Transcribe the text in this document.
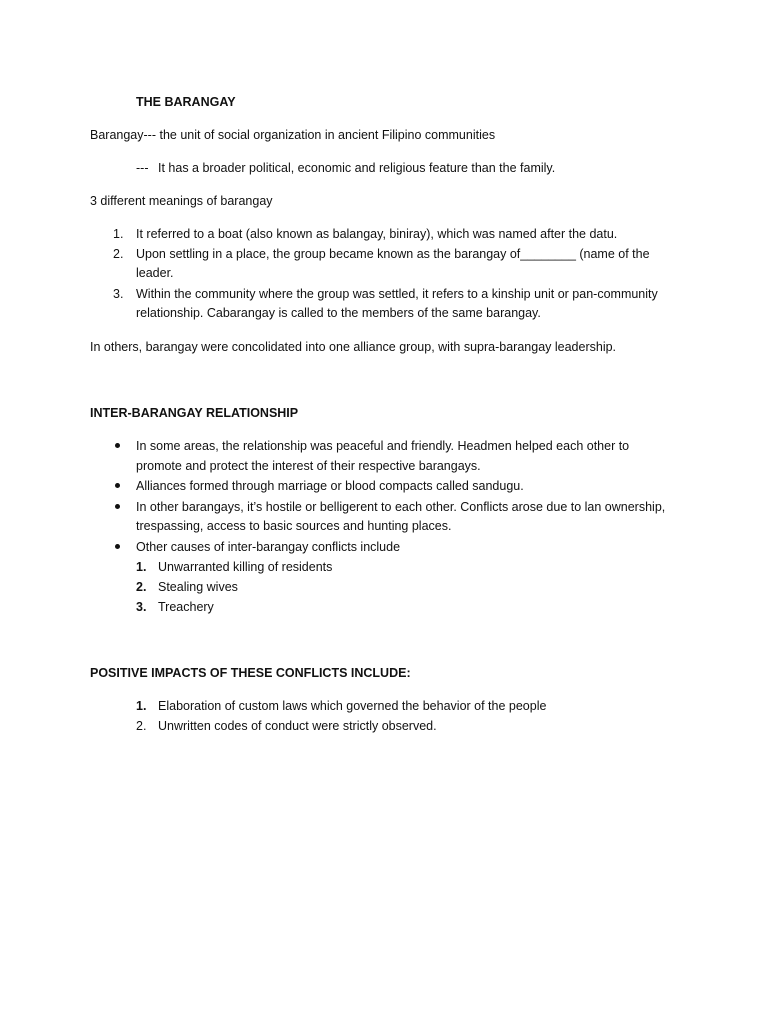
THE BARANGAY
Barangay--- the unit of social organization in ancient Filipino communities
--- It has a broader political, economic and religious feature than the family.
3 different meanings of barangay
1. It referred to a boat (also known as balangay, biniray), which was named after the datu.
2. Upon settling in a place, the group became known as the barangay of________ (name of the
leader.
3. Within the community where the group was settled, it refers to a kinship unit or pan-community
relationship. Cabarangay is called to the members of the same barangay.
In others, barangay were concolidated into one alliance group, with supra-barangay leadership.
INTER-BARANGAY RELATIONSHIP
In some areas, the relationship was peaceful and friendly. Headmen helped each other to
promote and protect the interest of their respective barangays.
Alliances formed through marriage or blood compacts called sandugu.
In other barangays, it’s hostile or belligerent to each other. Conflicts arose due to lan ownership,
trespassing, access to basic sources and hunting places.
Other causes of inter-barangay conflicts include
1. Unwarranted killing of residents
2. Stealing wives
3. Treachery
POSITIVE IMPACTS OF THESE CONFLICTS INCLUDE:
1. Elaboration of custom laws which governed the behavior of the people
2. Unwritten codes of conduct were strictly observed.
